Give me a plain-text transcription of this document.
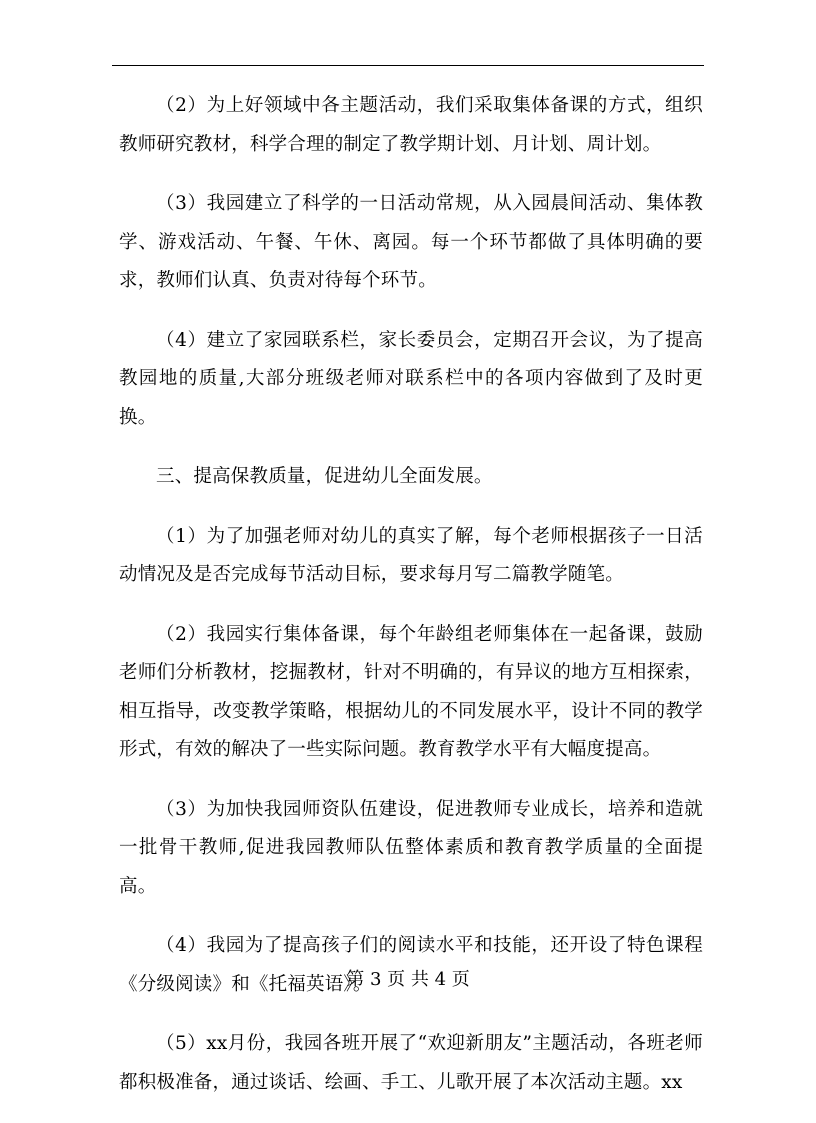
（2）为上好领域中各主题活动，我们采取集体备课的方式，组织教师研究教材，科学合理的制定了教学期计划、月计划、周计划。

（3）我园建立了科学的一日活动常规，从入园晨间活动、集体教学、游戏活动、午餐、午休、离园。每一个环节都做了具体明确的要求，教师们认真、负责对待每个环节。

（4）建立了家园联系栏，家长委员会，定期召开会议，为了提高教园地的质量,大部分班级老师对联系栏中的各项内容做到了及时更换。

三、提高保教质量，促进幼儿全面发展。

（1）为了加强老师对幼儿的真实了解，每个老师根据孩子一日活动情况及是否完成每节活动目标，要求每月写二篇教学随笔。

（2）我园实行集体备课，每个年龄组老师集体在一起备课，鼓励老师们分析教材，挖掘教材，针对不明确的，有异议的地方互相探索，相互指导，改变教学策略，根据幼儿的不同发展水平，设计不同的教学形式，有效的解决了一些实际问题。教育教学水平有大幅度提高。

（3）为加快我园师资队伍建设，促进教师专业成长，培养和造就一批骨干教师,促进我园教师队伍整体素质和教育教学质量的全面提高。

（4）我园为了提高孩子们的阅读水平和技能，还开设了特色课程《分级阅读》和《托福英语》。

（5）xx月份，我园各班开展了“欢迎新朋友”主题活动，各班老师都积极准备，通过谈话、绘画、手工、儿歌开展了本次活动主题。xx

第 3 页 共 4 页
